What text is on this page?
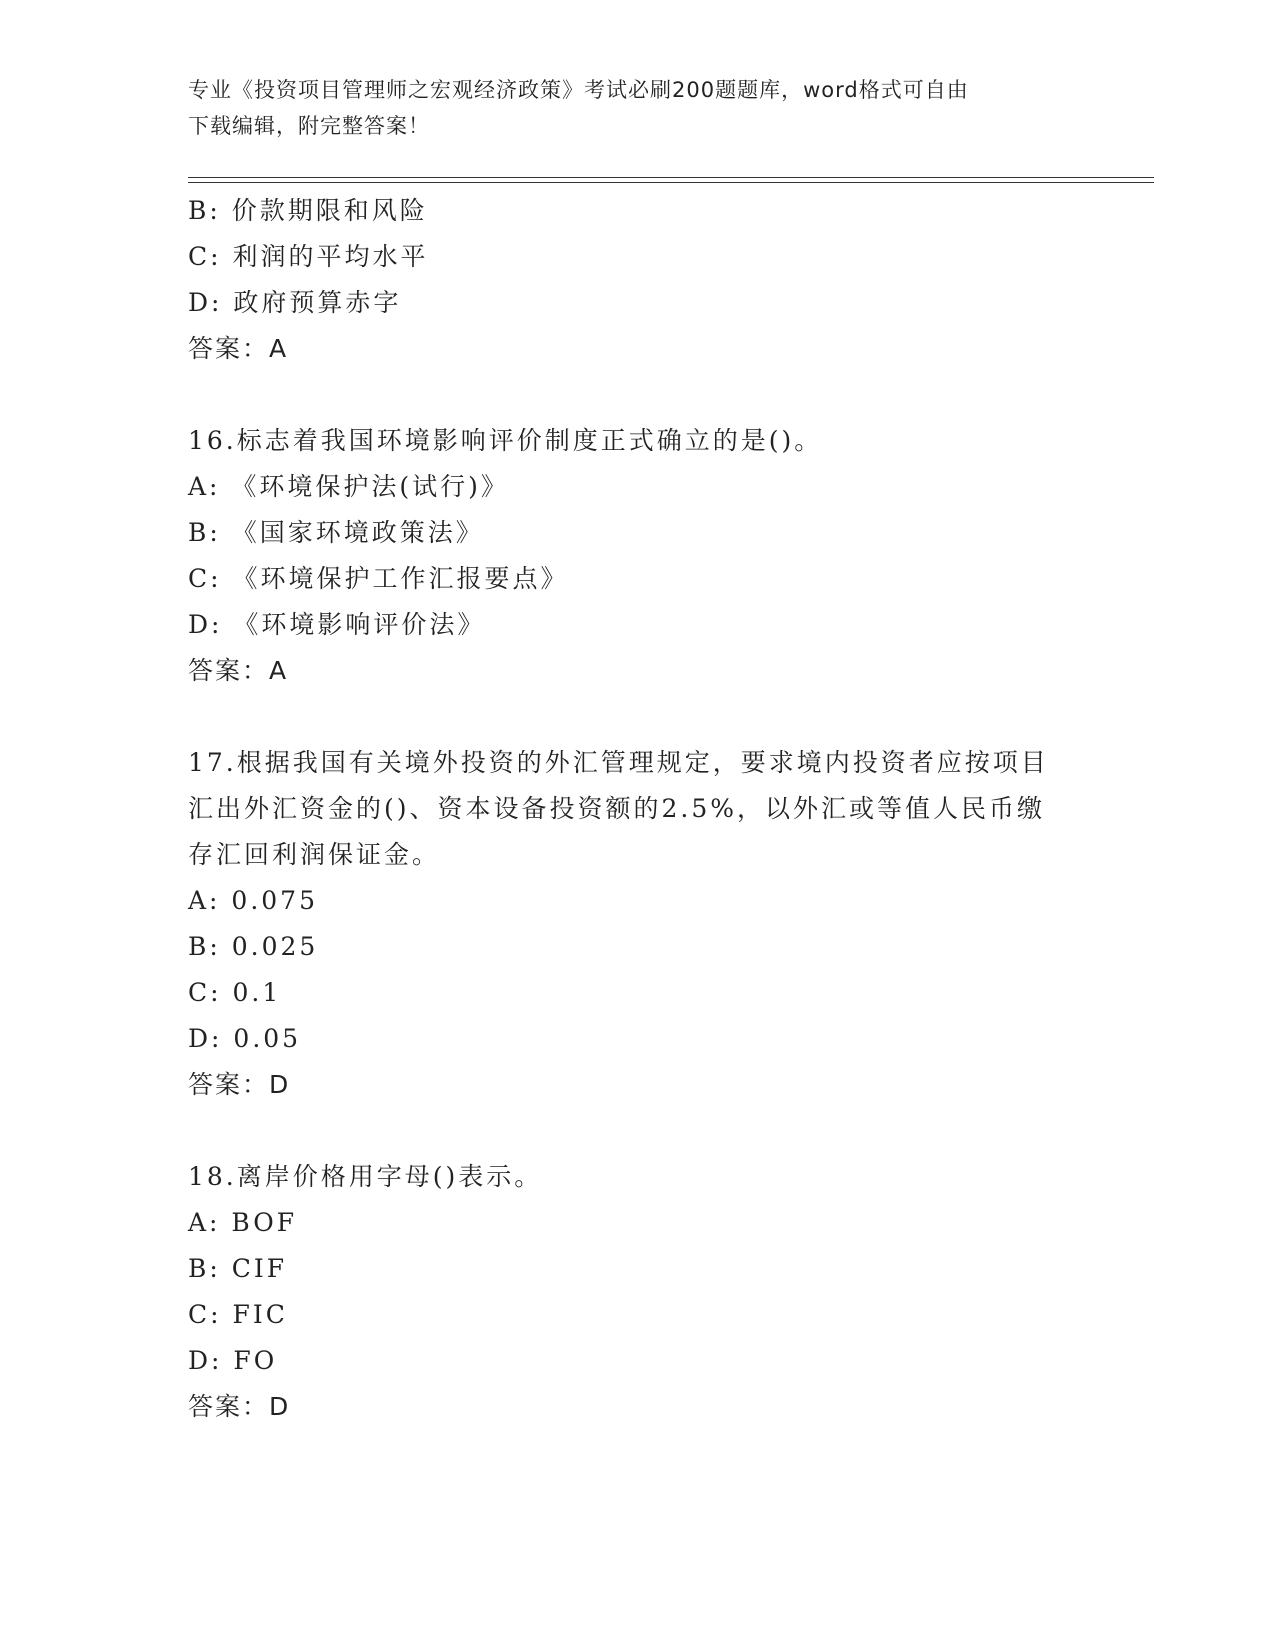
专业《投资项目管理师之宏观经济政策》考试必刷200题题库，word格式可自由
下载编辑，附完整答案！
B: 价款期限和风险
C: 利润的平均水平
D: 政府预算赤字
答案：A
16.标志着我国环境影响评价制度正式确立的是()。
A: 《环境保护法(试行)》
B: 《国家环境政策法》
C: 《环境保护工作汇报要点》
D: 《环境影响评价法》
答案：A
17.根据我国有关境外投资的外汇管理规定，要求境内投资者应按项目
汇出外汇资金的()、资本设备投资额的2.5%，以外汇或等值人民币缴
存汇回利润保证金。
A: 0.075
B: 0.025
C: 0.1
D: 0.05
答案：D
18.离岸价格用字母()表示。
A: BOF
B: CIF
C: FIC
D: FO
答案：D
